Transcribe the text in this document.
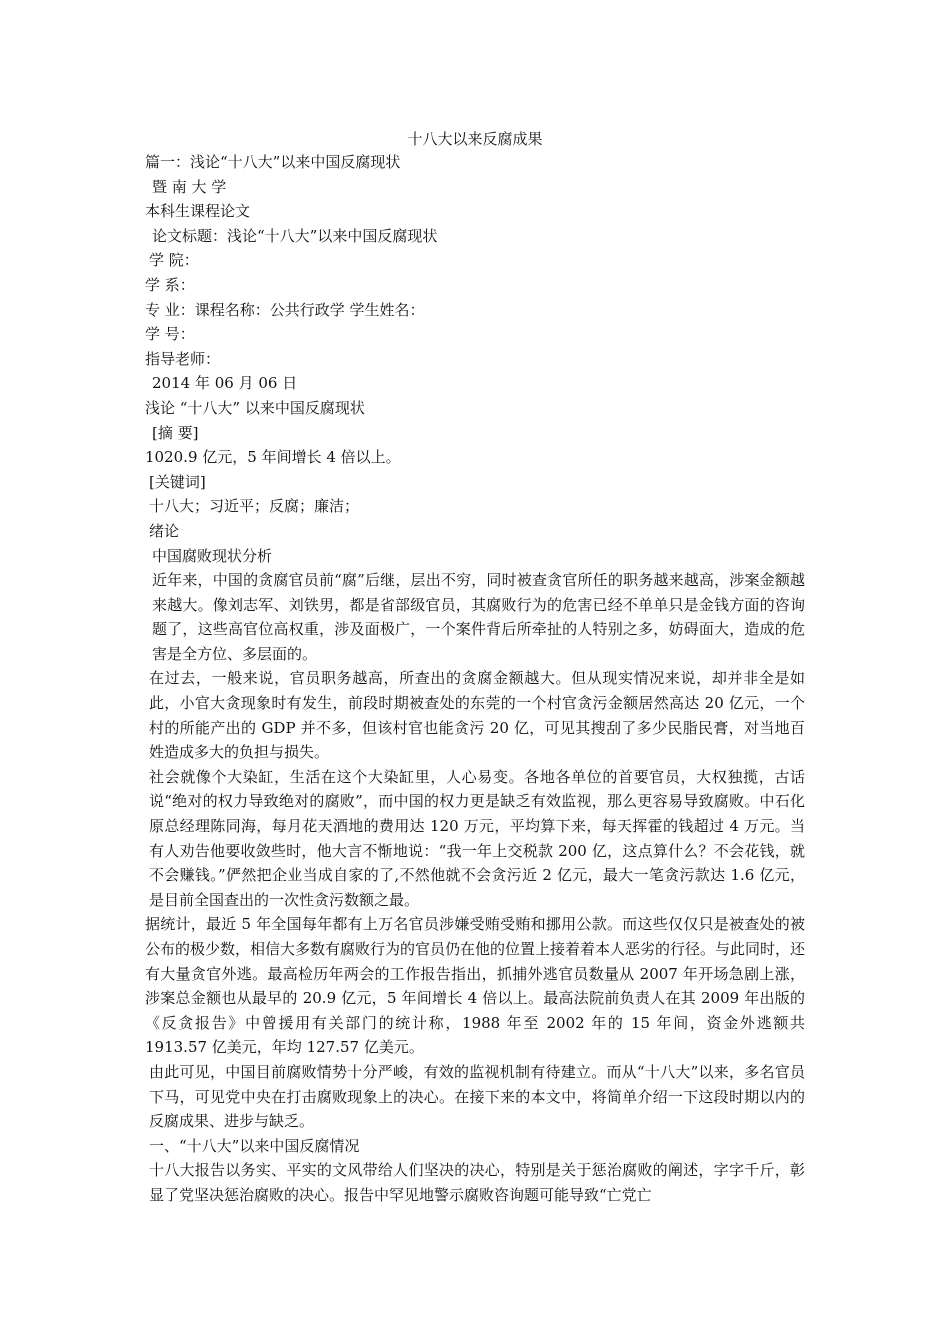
十八大以来反腐成果
篇一：浅论“十八大”以来中国反腐现状
暨 南 大 学
本科生课程论文
论文标题：浅论“十八大”以来中国反腐现状
学 院：
学 系：
专 业：课程名称：公共行政学 学生姓名：
学 号：
指导老师：
2014 年 06 月 06 日
浅论 “十八大” 以来中国反腐现状
[摘 要]
1020.9 亿元，5 年间增长 4 倍以上。
[关键词]
十八大；习近平；反腐；廉洁；
绪论
中国腐败现状分析

近年来，中国的贪腐官员前“腐”后继，层出不穷，同时被查贪官所任的职务越来越高，涉案金额越来越大。像刘志军、刘铁男，都是省部级官员，其腐败行为的危害已经不单单只是金钱方面的咨询题了，这些高官位高权重，涉及面极广，一个案件背后所牵扯的人特别之多，妨碍面大，造成的危害是全方位、多层面的。

在过去，一般来说，官员职务越高，所查出的贪腐金额越大。但从现实情况来说，却并非全是如此，小官大贪现象时有发生，前段时期被查处的东莞的一个村官贪污金额居然高达 20 亿元，一个村的所能产出的 GDP 并不多，但该村官也能贪污 20 亿，可见其搜刮了多少民脂民膏，对当地百姓造成多大的负担与损失。

社会就像个大染缸，生活在这个大染缸里，人心易变。各地各单位的首要官员，大权独揽，古话说“绝对的权力导致绝对的腐败”，而中国的权力更是缺乏有效监视，那么更容易导致腐败。中石化原总经理陈同海，每月花天酒地的费用达 120 万元，平均算下来，每天挥霍的钱超过 4 万元。当有人劝告他要收敛些时，他大言不惭地说：“我一年上交税款 200 亿，这点算什么？不会花钱，就不会赚钱。”俨然把企业当成自家的了,不然他就不会贪污近 2 亿元，最大一笔贪污款达 1.6 亿元，是目前全国查出的一次性贪污数额之最。

据统计，最近 5 年全国每年都有上万名官员涉嫌受贿受贿和挪用公款。而这些仅仅只是被查处的被公布的极少数，相信大多数有腐败行为的官员仍在他的位置上接着着本人恶劣的行径。与此同时，还有大量贪官外逃。最高检历年两会的工作报告指出，抓捕外逃官员数量从 2007 年开场急剧上涨，涉案总金额也从最早的 20.9 亿元，5 年间增长 4 倍以上。最高法院前负责人在其 2009 年出版的《反贪报告》中曾援用有关部门的统计称，1988 年至 2002 年的 15 年间，资金外逃额共 1913.57 亿美元，年均 127.57 亿美元。

由此可见，中国目前腐败情势十分严峻，有效的监视机制有待建立。而从“十八大”以来，多名官员下马，可见党中央在打击腐败现象上的决心。在接下来的本文中，将简单介绍一下这段时期以内的反腐成果、进步与缺乏。

一、“十八大”以来中国反腐情况

十八大报告以务实、平实的文风带给人们坚决的决心，特别是关于惩治腐败的阐述，字字千斤，彰显了党坚决惩治腐败的决心。报告中罕见地警示腐败咨询题可能导致“亡党亡
